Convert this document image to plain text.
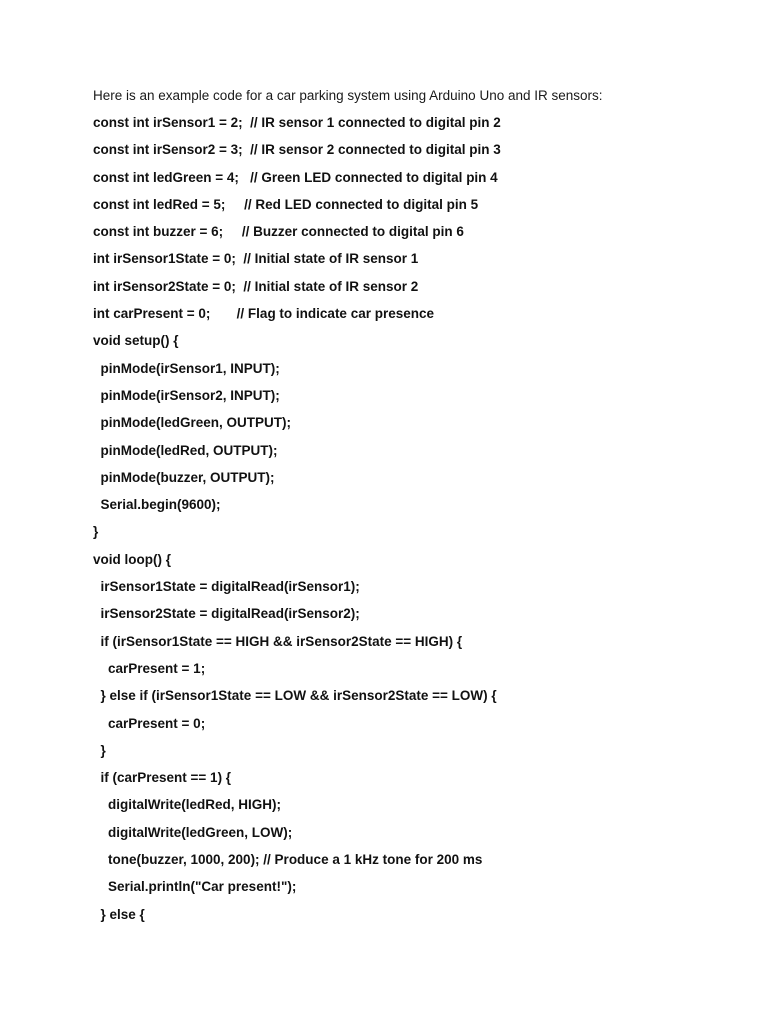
Here is an example code for a car parking system using Arduino Uno and IR sensors:
const int irSensor1 = 2;  // IR sensor 1 connected to digital pin 2
const int irSensor2 = 3;  // IR sensor 2 connected to digital pin 3
const int ledGreen = 4;   // Green LED connected to digital pin 4
const int ledRed = 5;     // Red LED connected to digital pin 5
const int buzzer = 6;     // Buzzer connected to digital pin 6
int irSensor1State = 0;  // Initial state of IR sensor 1
int irSensor2State = 0;  // Initial state of IR sensor 2
int carPresent = 0;       // Flag to indicate car presence
void setup() {
pinMode(irSensor1, INPUT);
pinMode(irSensor2, INPUT);
pinMode(ledGreen, OUTPUT);
pinMode(ledRed, OUTPUT);
pinMode(buzzer, OUTPUT);
Serial.begin(9600);
}
void loop() {
irSensor1State = digitalRead(irSensor1);
irSensor2State = digitalRead(irSensor2);
if (irSensor1State == HIGH && irSensor2State == HIGH) {
carPresent = 1;
} else if (irSensor1State == LOW && irSensor2State == LOW) {
carPresent = 0;
}
if (carPresent == 1) {
digitalWrite(ledRed, HIGH);
digitalWrite(ledGreen, LOW);
tone(buzzer, 1000, 200); // Produce a 1 kHz tone for 200 ms
Serial.println("Car present!");
} else {
